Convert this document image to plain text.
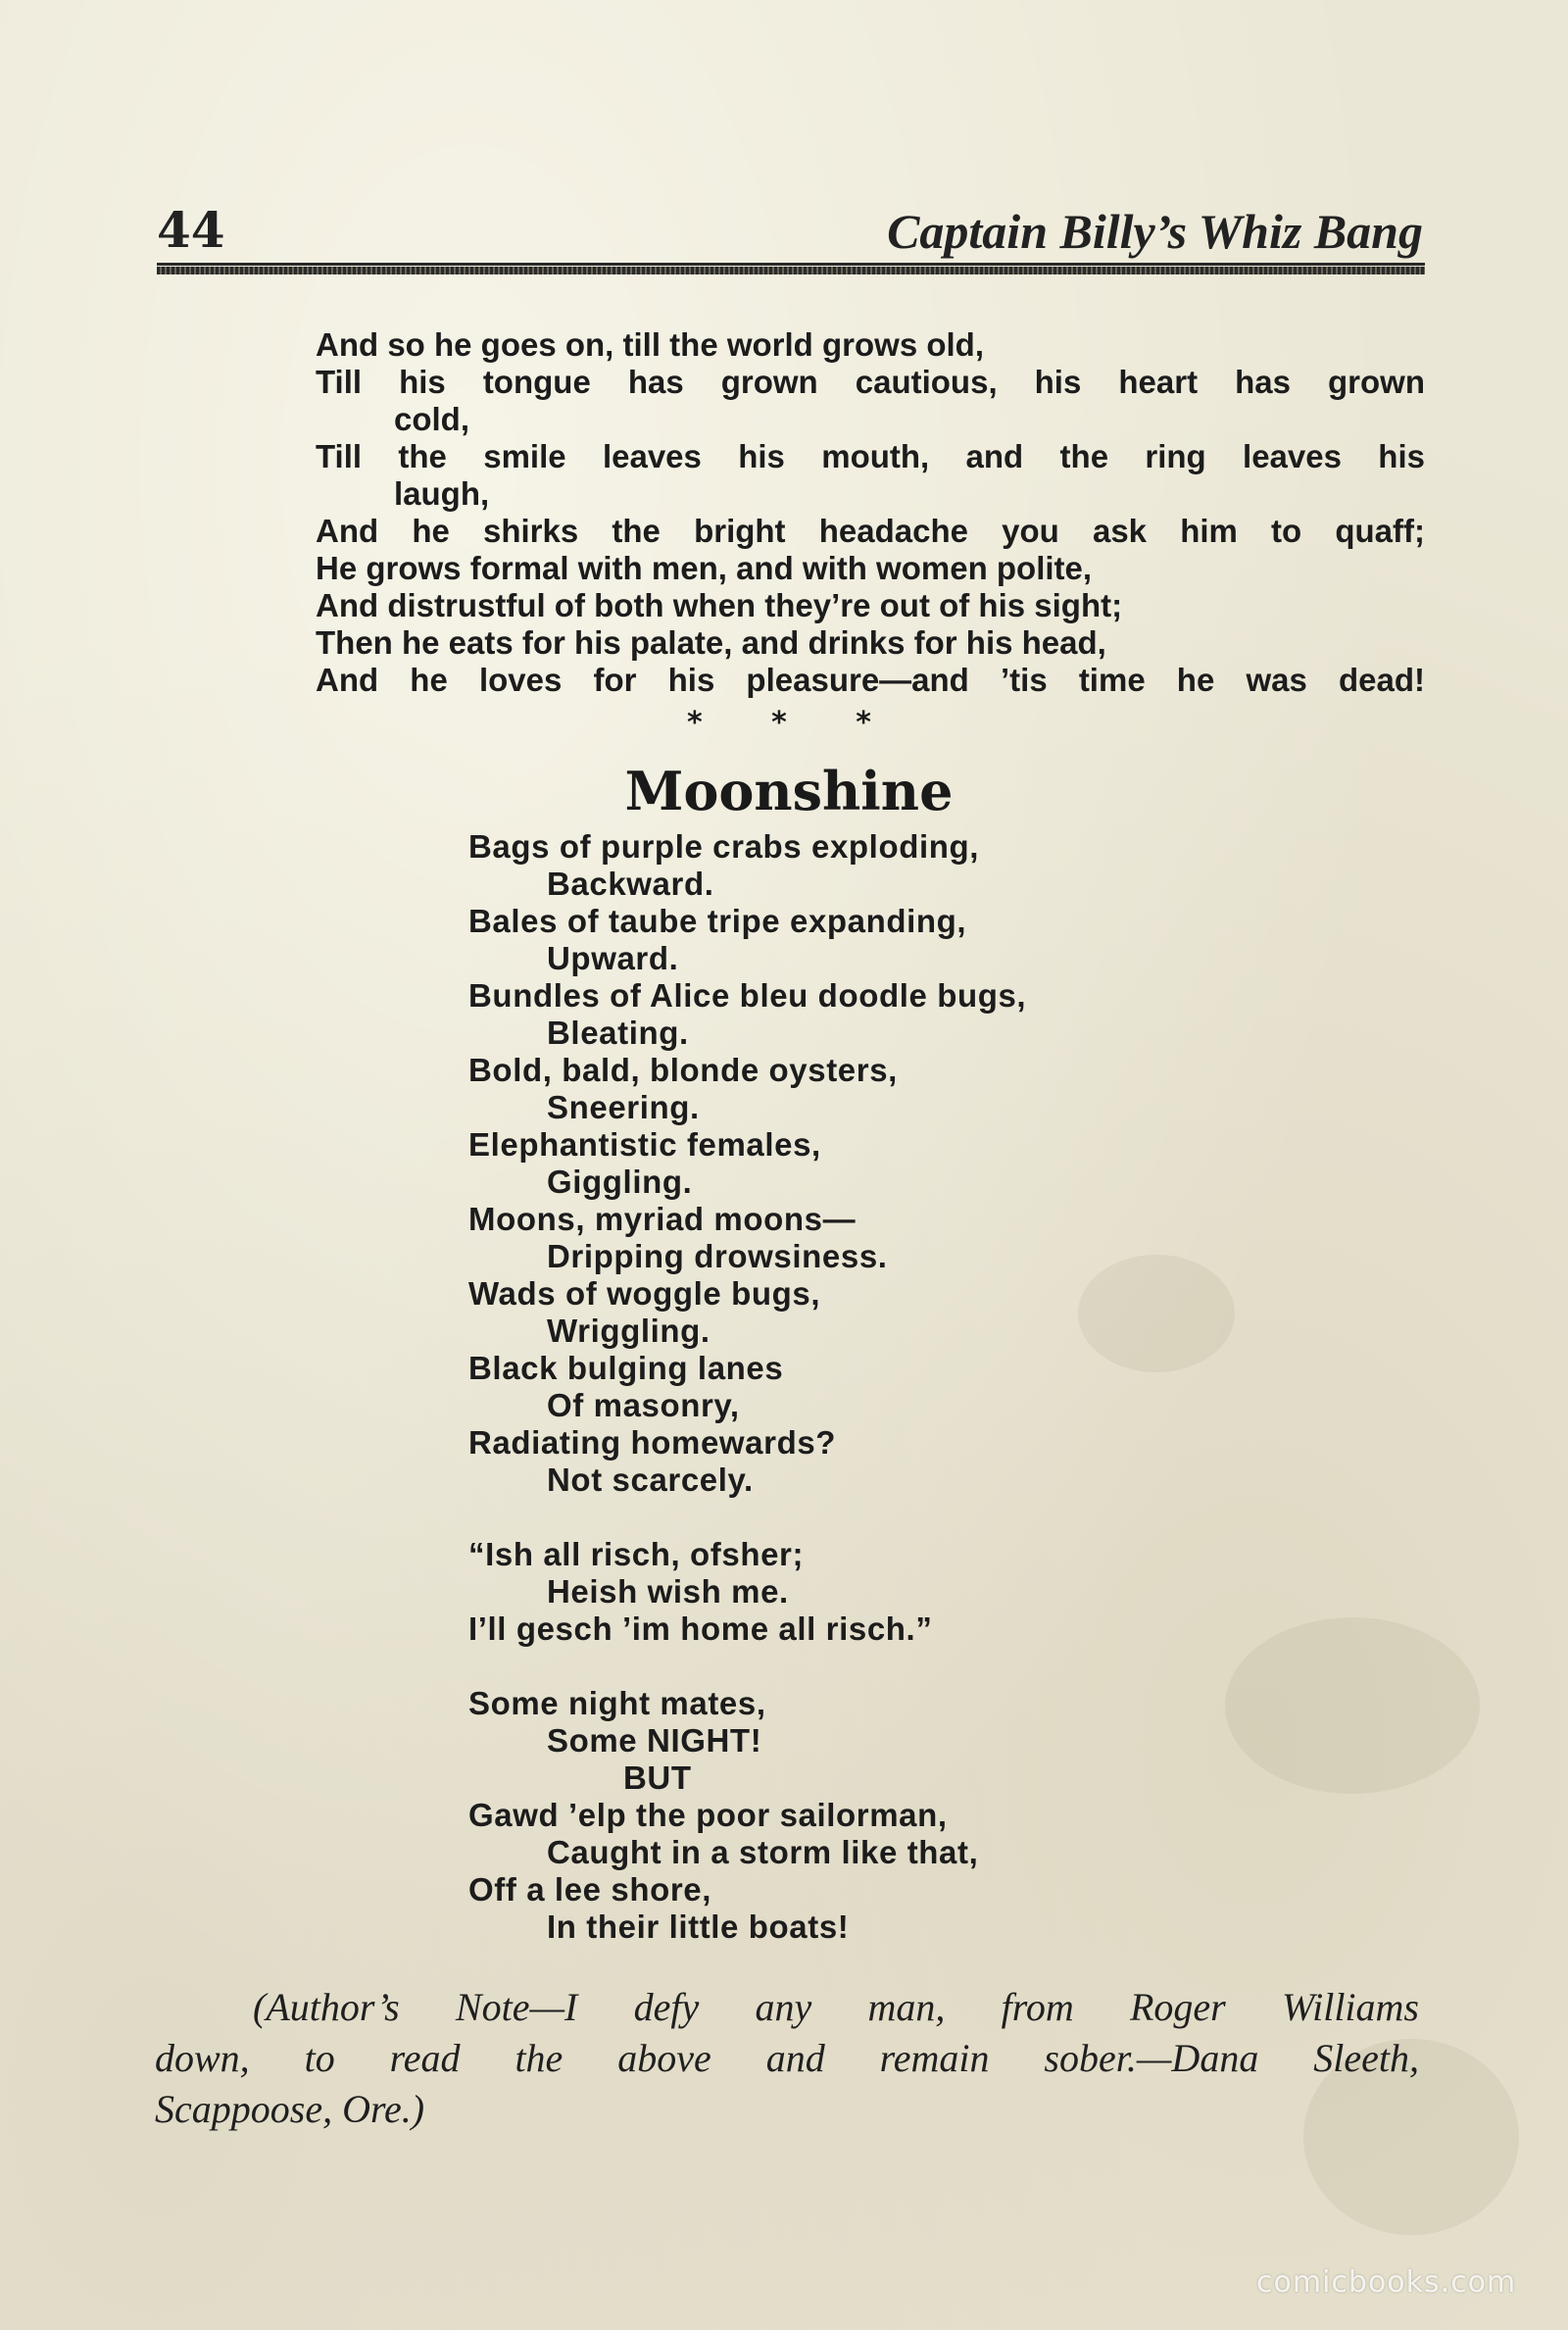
44	Captain Billy’s Whiz Bang
And so he goes on, till the world grows old,
Till his tongue has grown cautious, his heart has grown
cold,
Till the smile leaves his mouth, and the ring leaves his
laugh,
And he shirks the bright headache you ask him to quaff;
He grows formal with men, and with women polite,
And distrustful of both when they’re out of his sight;
Then he eats for his palate, and drinks for his head,
And he loves for his pleasure—and ’tis time he was dead!
* * *
Moonshine
Bags of purple crabs exploding,
Backward.
Bales of taube tripe expanding,
Upward.
Bundles of Alice bleu doodle bugs,
Bleating.
Bold, bald, blonde oysters,
Sneering.
Elephantistic females,
Giggling.
Moons, myriad moons—
Dripping drowsiness.
Wads of woggle bugs,
Wriggling.
Black bulging lanes
Of masonry,
Radiating homewards?
Not scarcely.
“Ish all risch, ofsher;
Heish wish me.
I’ll gesch ’im home all risch.”
Some night mates,
Some NIGHT!
BUT
Gawd ’elp the poor sailorman,
Caught in a storm like that,
Off a lee shore,
In their little boats!
(Author’s Note—I defy any man, from Roger Williams
down, to read the above and remain sober.—Dana Sleeth,
Scappoose, Ore.)
comicbooks.com
